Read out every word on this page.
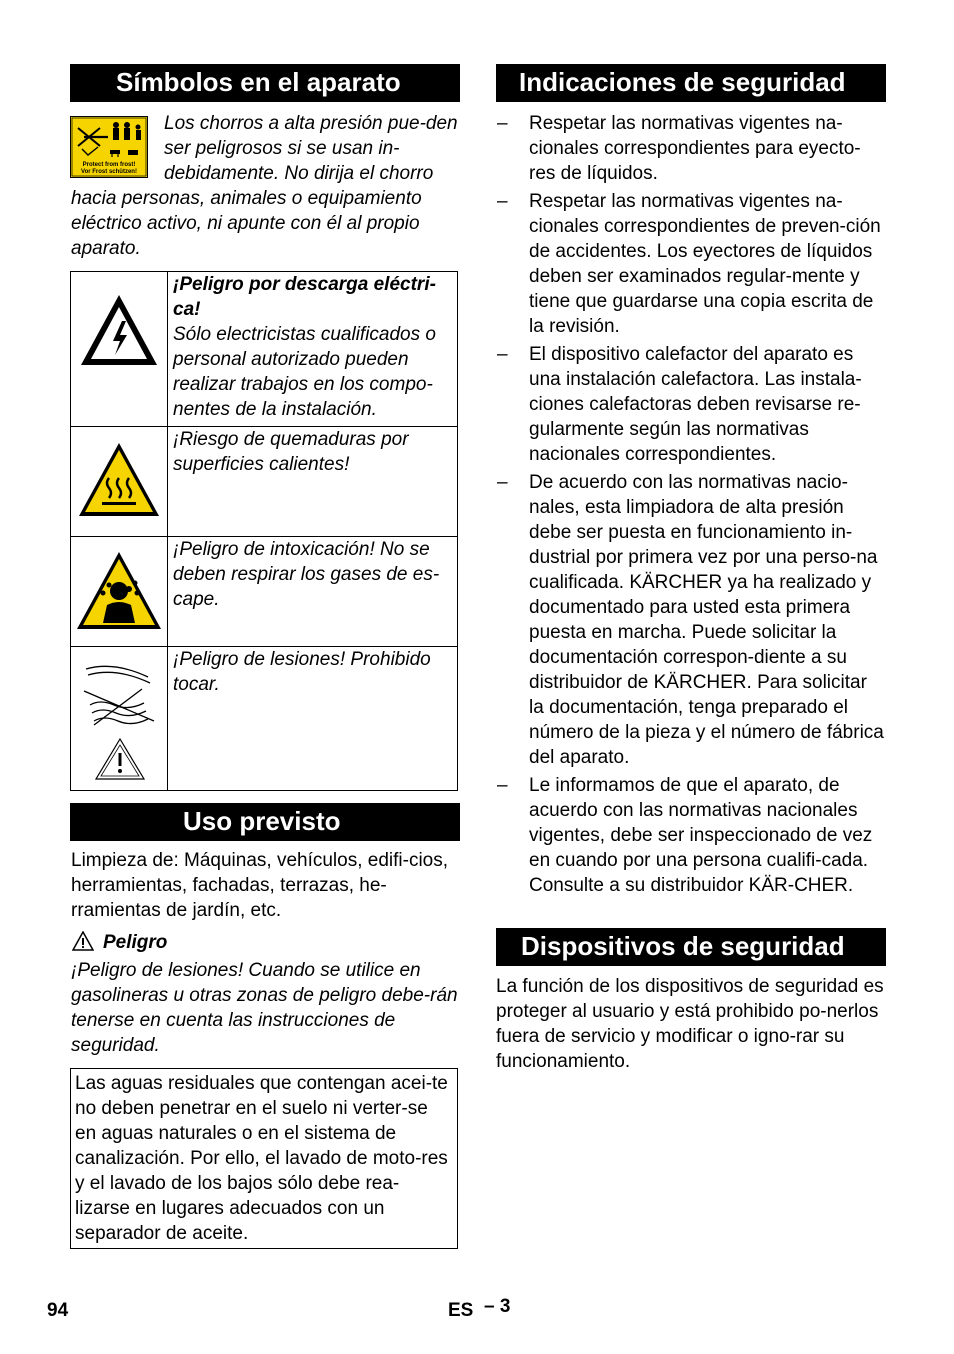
Símbolos en el aparato
Protect from frost!
Vor Frost schützen!
Los chorros a alta presión pue-den ser peligrosos si se usan in-debidamente. No dirija el chorro hacia personas, animales o equipamiento eléctrico activo, ni apunte con él al propio aparato.

¡Peligro por descarga eléctri-ca!
Sólo electricistas cualificados o personal autorizado pueden realizar trabajos en los compo-nentes de la instalación.

¡Riesgo de quemaduras por superficies calientes!

¡Peligro de intoxicación! No se deben respirar los gases de es-cape.

¡Peligro de lesiones! Prohibido tocar.
Uso previsto
Limpieza de: Máquinas, vehículos, edifi-cios, herramientas, fachadas, terrazas, he-rramientas de jardín, etc.
Peligro
¡Peligro de lesiones! Cuando se utilice en gasolineras u otras zonas de peligro debe-rán tenerse en cuenta las instrucciones de seguridad.
Las aguas residuales que contengan acei-te no deben penetrar en el suelo ni verter-se en aguas naturales o en el sistema de canalización. Por ello, el lavado de moto-res y el lavado de los bajos sólo debe rea-lizarse en lugares adecuados con un separador de aceite.
Indicaciones de seguridad
– Respetar las normativas vigentes na-cionales correspondientes para eyecto-res de líquidos.
– Respetar las normativas vigentes na-cionales correspondientes de preven-ción de accidentes. Los eyectores de líquidos deben ser examinados regular-mente y tiene que guardarse una copia escrita de la revisión.
– El dispositivo calefactor del aparato es una instalación calefactora. Las instala-ciones calefactoras deben revisarse re-gularmente según las normativas nacionales correspondientes.
– De acuerdo con las normativas nacio-nales, esta limpiadora de alta presión debe ser puesta en funcionamiento in-dustrial por primera vez por una perso-na cualificada. KÄRCHER ya ha realizado y documentado para usted esta primera puesta en marcha. Puede solicitar la documentación correspon-diente a su distribuidor de KÄRCHER. Para solicitar la documentación, tenga preparado el número de la pieza y el número de fábrica del aparato.
– Le informamos de que el aparato, de acuerdo con las normativas nacionales vigentes, debe ser inspeccionado de vez en cuando por una persona cualifi-cada. Consulte a su distribuidor KÄR-CHER.
Dispositivos de seguridad
La función de los dispositivos de seguridad es proteger al usuario y está prohibido po-nerlos fuera de servicio y modificar o igno-rar su funcionamiento.
94	ES – 3
